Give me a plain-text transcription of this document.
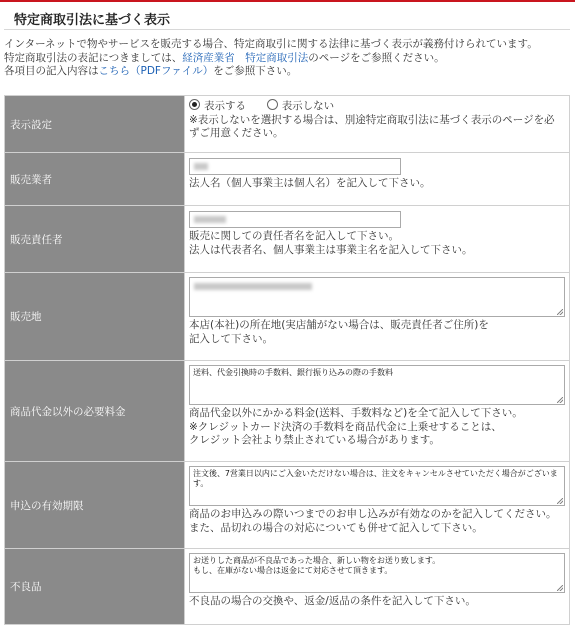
特定商取引法に基づく表示
インターネットで物やサービスを販売する場合、特定商取引に関する法律に基づく表示が義務付けられています。
特定商取引法の表記につきましては、経済産業省　特定商取引法のページをご参照ください。
各項目の記入内容はこちら（PDFファイル）をご参照下さい。
表示設定	表示する 表示しない
※表示しないを選択する場合は、別途特定商取引法に基づく表示のページを必ずご用意ください。

販売業者	法人名（個人事業主は個人名）を記入して下さい。

販売責任者	販売に関しての責任者名を記入して下さい。
法人は代表者名、個人事業主は事業主名を記入して下さい。

販売地	本店(本社)の所在地(実店舗がない場合は、販売責任者ご住所)を
記入して下さい。

商品代金以外の必要料金	送料、代金引換時の手数料、銀行振り込みの際の手数料
商品代金以外にかかる料金(送料、手数料など)を全て記入して下さい。
※クレジットカード決済の手数料を商品代金に上乗せすることは、
クレジット会社より禁止されている場合があります。

申込の有効期限	注文後、7営業日以内にご入金いただけない場合は、注文をキャンセルさせていただく場合がございます。
商品のお申込みの際いつまでのお申し込みが有効なのかを記入してください。
また、品切れの場合の対応についても併せて記入して下さい。

不良品	お送りした商品が不良品であった場合、新しい物をお送り致します。
もし、在庫がない場合は返金にて対応させて頂きます。
不良品の場合の交換や、返金/返品の条件を記入して下さい。
